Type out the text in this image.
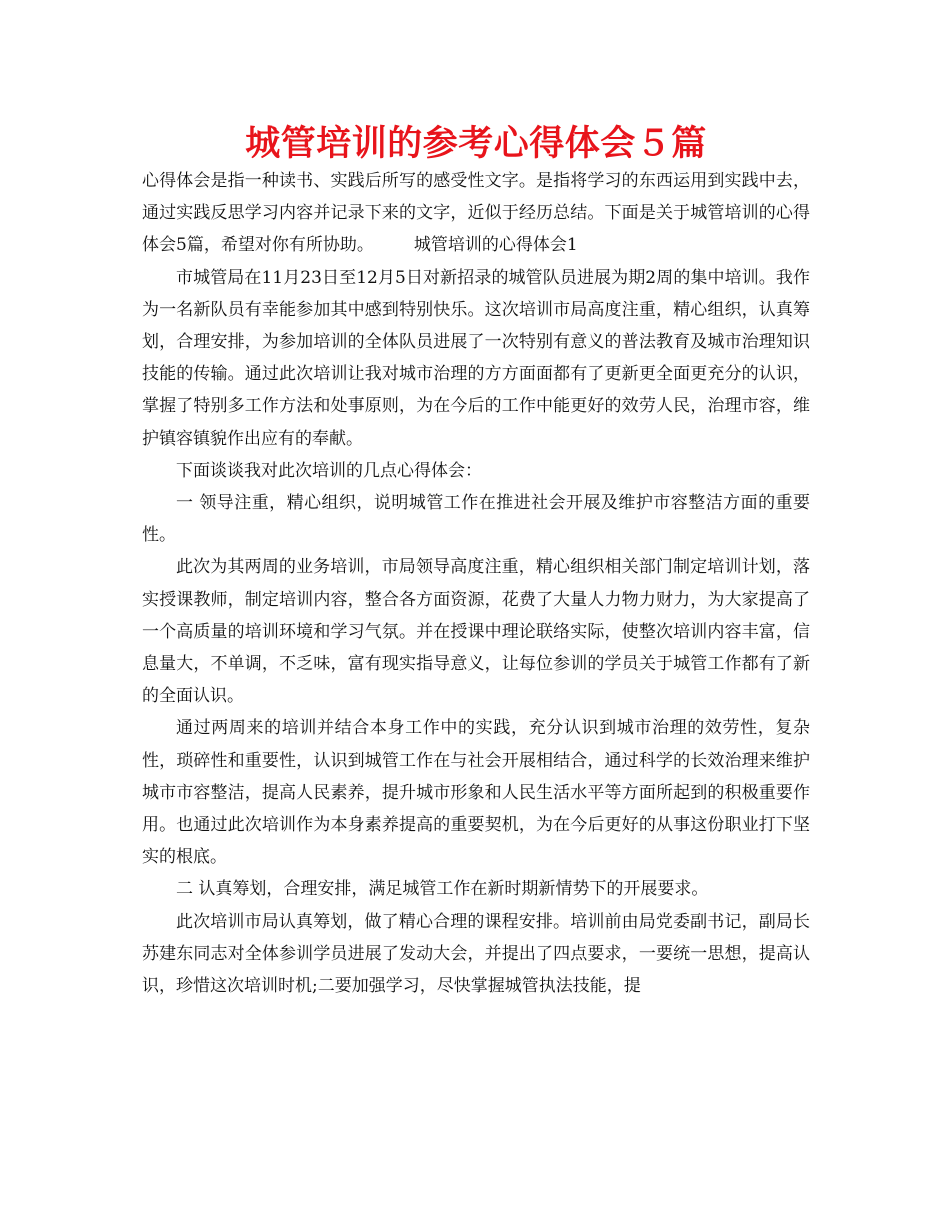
城管培训的参考心得体会５篇

心得体会是指一种读书、实践后所写的感受性文字。是指将学习的东西运用到实践中去，通过实践反思学习内容并记录下来的文字，近似于经历总结。下面是关于城管培训的心得体会5篇，希望对你有所协助。 城管培训的心得体会1

市城管局在11月23日至12月5日对新招录的城管队员进展为期2周的集中培训。我作为一名新队员有幸能参加其中感到特别快乐。这次培训市局高度注重，精心组织，认真筹划，合理安排，为参加培训的全体队员进展了一次特别有意义的普法教育及城市治理知识技能的传输。通过此次培训让我对城市治理的方方面面都有了更新更全面更充分的认识，掌握了特别多工作方法和处事原则，为在今后的工作中能更好的效劳人民，治理市容，维护镇容镇貌作出应有的奉献。

下面谈谈我对此次培训的几点心得体会：

一 领导注重，精心组织，说明城管工作在推进社会开展及维护市容整洁方面的重要性。

此次为其两周的业务培训，市局领导高度注重，精心组织相关部门制定培训计划，落实授课教师，制定培训内容，整合各方面资源，花费了大量人力物力财力，为大家提高了一个高质量的培训环境和学习气氛。并在授课中理论联络实际，使整次培训内容丰富，信息量大，不单调，不乏味，富有现实指导意义，让每位参训的学员关于城管工作都有了新的全面认识。

通过两周来的培训并结合本身工作中的实践，充分认识到城市治理的效劳性，复杂性，琐碎性和重要性，认识到城管工作在与社会开展相结合，通过科学的长效治理来维护城市市容整洁，提高人民素养，提升城市形象和人民生活水平等方面所起到的积极重要作用。也通过此次培训作为本身素养提高的重要契机，为在今后更好的从事这份职业打下坚实的根底。

二 认真筹划，合理安排，满足城管工作在新时期新情势下的开展要求。

此次培训市局认真筹划，做了精心合理的课程安排。培训前由局党委副书记，副局长苏建东同志对全体参训学员进展了发动大会，并提出了四点要求，一要统一思想，提高认识，珍惜这次培训时机;二要加强学习，尽快掌握城管执法技能，提
